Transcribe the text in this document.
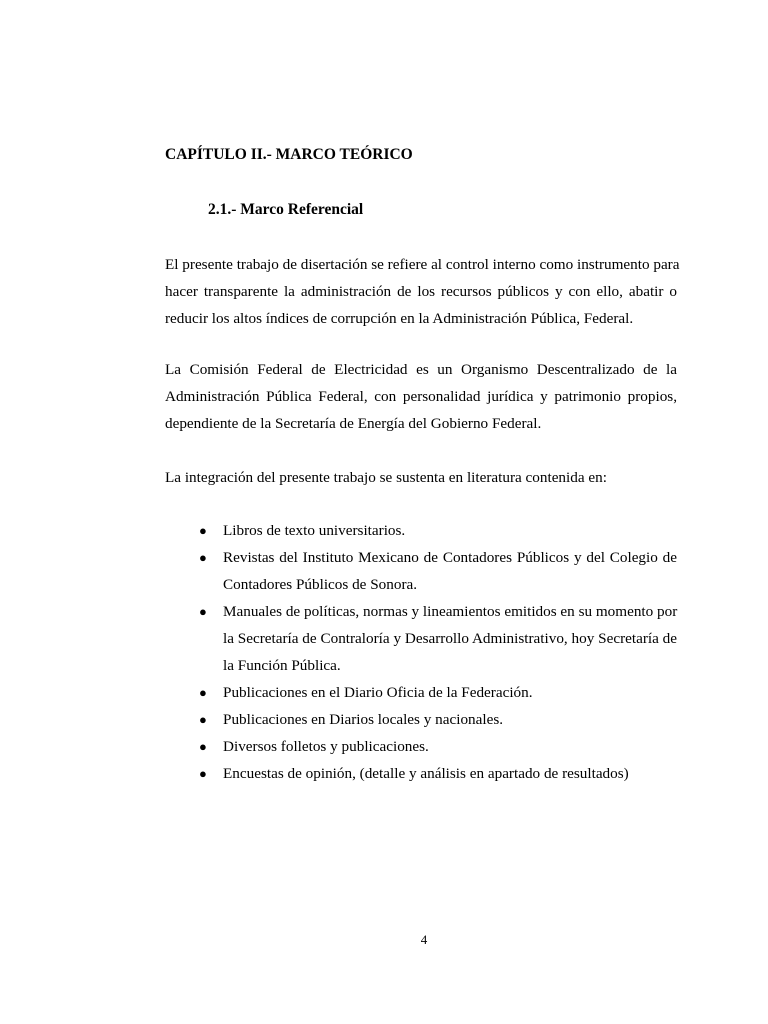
CAPÍTULO II.- MARCO TEÓRICO
2.1.- Marco Referencial

El presente trabajo de disertación se refiere al control interno como instrumento para
hacer transparente la administración de los recursos públicos y con ello, abatir o
reducir los altos índices de corrupción en la Administración Pública, Federal.

La Comisión Federal de Electricidad es un Organismo Descentralizado de la
Administración Pública Federal, con personalidad jurídica y patrimonio propios,
dependiente de la Secretaría de Energía del Gobierno Federal.

La integración del presente trabajo se sustenta en literatura contenida en:

● Libros de texto universitarios.
● Revistas del Instituto Mexicano de Contadores Públicos y del Colegio de
Contadores Públicos de Sonora.
● Manuales de políticas, normas y lineamientos emitidos en su momento por
la Secretaría de Contraloría y Desarrollo Administrativo, hoy Secretaría de
la Función Pública.
● Publicaciones en el Diario Oficia de la Federación.
● Publicaciones en Diarios locales y nacionales.
● Diversos folletos y publicaciones.
● Encuestas de opinión, (detalle y análisis en apartado de resultados)

4
